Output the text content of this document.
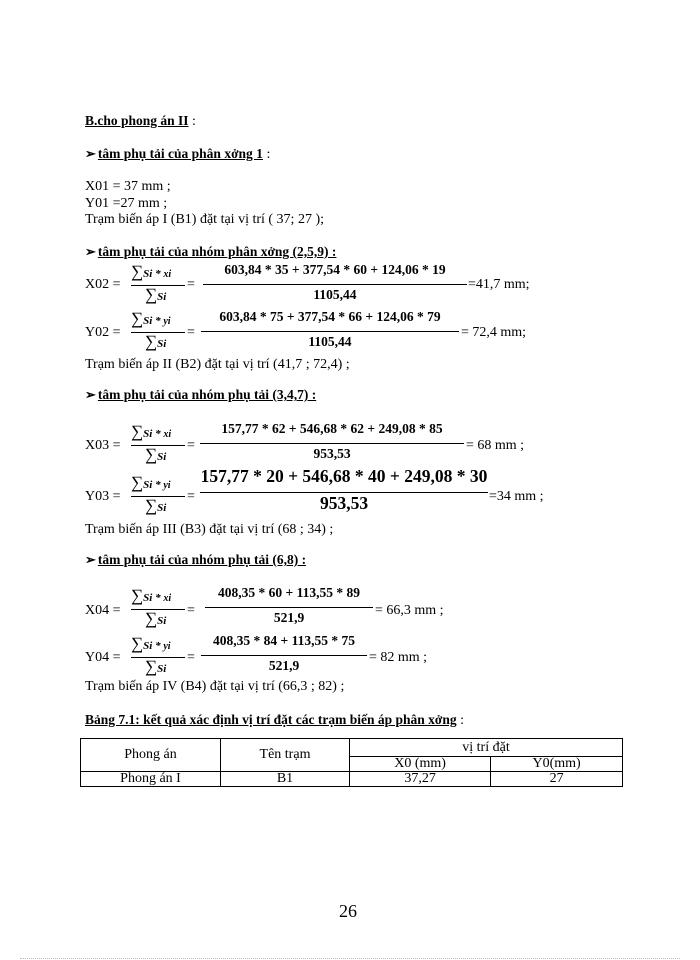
B.cho phong án II :
➢ tâm phụ tải của phân xởng 1 :
X01 = 37 mm ;
Y01 =27 mm ;
Trạm biến áp I (B1) đặt tại vị trí ( 37; 27 );
➢ tâm phụ tải của nhóm phân xởng (2,5,9) :
X02 =
∑Si * xi
∑Si
=
603,84 * 35 + 377,54 * 60 + 124,06 * 19
1105,44
=41,7 mm;
Y02 =
∑Si * yi
∑Si
=
603,84 * 75 + 377,54 * 66 + 124,06 * 79
1105,44
= 72,4 mm;
Trạm biến áp II (B2) đặt tại vị trí (41,7 ; 72,4) ;
➢ tâm phụ tải của nhóm phụ tải (3,4,7) :
X03 =
∑Si * xi
∑Si
=
157,77 * 62 + 546,68 * 62 + 249,08 * 85
953,53
= 68 mm ;
Y03 =
∑Si * yi
∑Si
=
157,77 * 20 + 546,68 * 40 + 249,08 * 30
953,53	=34 mm ;
Trạm biến áp III (B3) đặt tại vị trí (68 ; 34) ;
➢ tâm phụ tải của nhóm phụ tải (6,8) :
X04 =
∑Si * xi
∑Si
=
408,35 * 60 + 113,55 * 89
521,9	= 66,3 mm ;
Y04 =
∑Si * yi
∑Si
=
408,35 * 84 + 113,55 * 75
521,9
= 82 mm ;
Trạm biến áp IV (B4) đặt tại vị trí (66,3 ; 82) ;
Bảng 7.1: kết quả xác định vị trí đặt các trạm biến áp phân xởng :
Phong án	Tên trạm	vị trí đặt	
		X0 (mm)	Y0(mm)
Phong án I	B1	37,27	27
26
